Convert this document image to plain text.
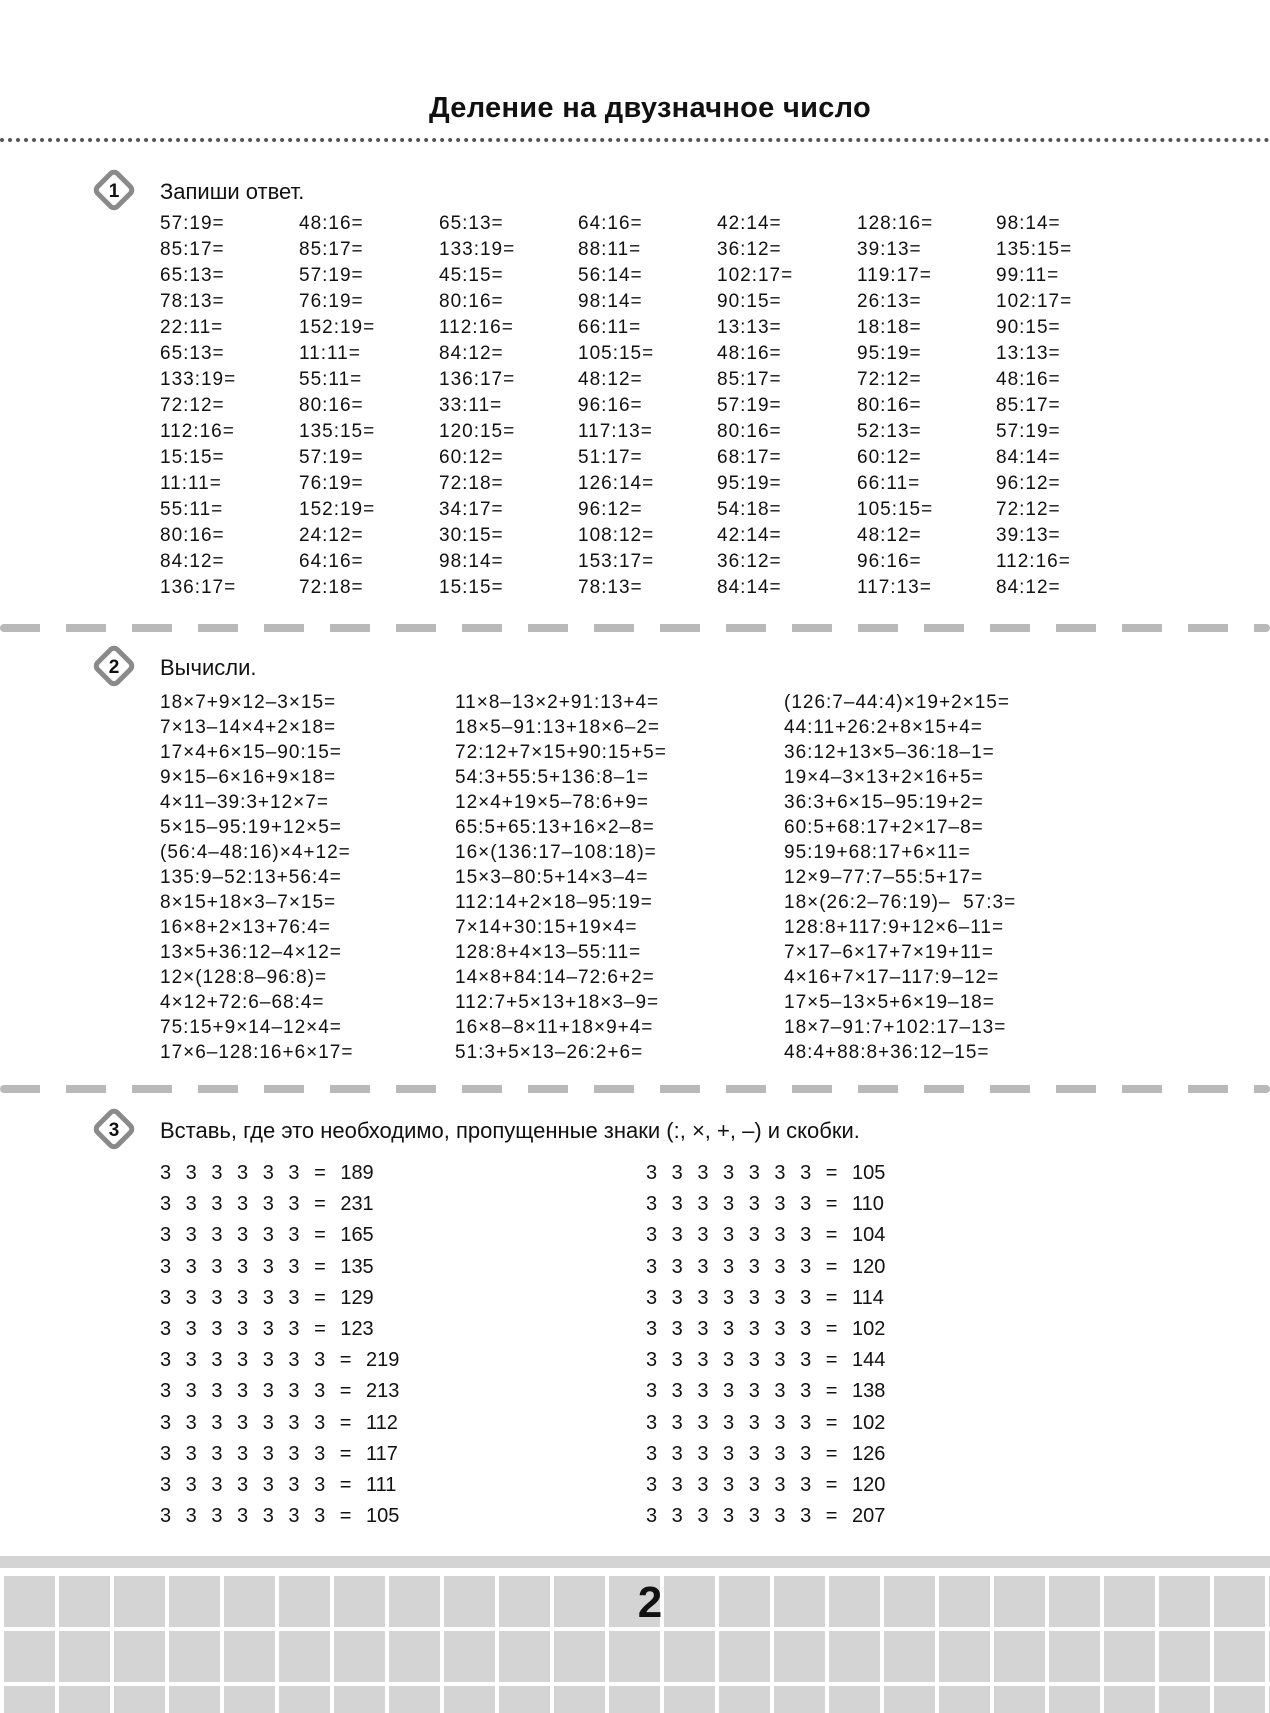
Деление на двузначное число
1 Запиши ответ.
57:19=
85:17=
65:13=
78:13=
22:11=
65:13=
133:19=
72:12=
112:16=
15:15=
11:11=
55:11=
80:16=
84:12=
136:17=
48:16=
85:17=
57:19=
76:19=
152:19=
11:11=
55:11=
80:16=
135:15=
57:19=
76:19=
152:19=
24:12=
64:16=
72:18=
65:13=
133:19=
45:15=
80:16=
112:16=
84:12=
136:17=
33:11=
120:15=
60:12=
72:18=
34:17=
30:15=
98:14=
15:15=
64:16=
88:11=
56:14=
98:14=
66:11=
105:15=
48:12=
96:16=
117:13=
51:17=
126:14=
96:12=
108:12=
153:17=
78:13=
42:14=
36:12=
102:17=
90:15=
13:13=
48:16=
85:17=
57:19=
80:16=
68:17=
95:19=
54:18=
42:14=
36:12=
84:14=
128:16=
39:13=
119:17=
26:13=
18:18=
95:19=
72:12=
80:16=
52:13=
60:12=
66:11=
105:15=
48:12=
96:16=
117:13=
98:14=
135:15=
99:11=
102:17=
90:15=
13:13=
48:16=
85:17=
57:19=
84:14=
96:12=
72:12=
39:13=
112:16=
84:12=
2 Вычисли.
18×7+9×12–3×15=
7×13–14×4+2×18=
17×4+6×15–90:15=
9×15–6×16+9×18=
4×11–39:3+12×7=
5×15–95:19+12×5=
(56:4–48:16)×4+12=
135:9–52:13+56:4=
8×15+18×3–7×15=
16×8+2×13+76:4=
13×5+36:12–4×12=
12×(128:8–96:8)=
4×12+72:6–68:4=
75:15+9×14–12×4=
17×6–128:16+6×17=
11×8–13×2+91:13+4=
18×5–91:13+18×6–2=
72:12+7×15+90:15+5=
54:3+55:5+136:8–1=
12×4+19×5–78:6+9=
65:5+65:13+16×2–8=
16×(136:17–108:18)=
15×3–80:5+14×3–4=
112:14+2×18–95:19=
7×14+30:15+19×4=
128:8+4×13–55:11=
14×8+84:14–72:6+2=
112:7+5×13+18×3–9=
16×8–8×11+18×9+4=
51:3+5×13–26:2+6=
(126:7–44:4)×19+2×15=
44:11+26:2+8×15+4=
36:12+13×5–36:18–1=
19×4–3×13+2×16+5=
36:3+6×15–95:19+2=
60:5+68:17+2×17–8=
95:19+68:17+6×11=
12×9–77:7–55:5+17=
18×(26:2–76:19)–  57:3=
128:8+117:9+12×6–11=
7×17–6×17+7×19+11=
4×16+7×17–117:9–12=
17×5–13×5+6×19–18=
18×7–91:7+102:17–13=
48:4+88:8+36:12–15=
3 Вставь, где это необходимо, пропущенные знаки (:, ×, +, –) и скобки.
3 3 3 3 3 3 = 189
3 3 3 3 3 3 = 231
3 3 3 3 3 3 = 165
3 3 3 3 3 3 = 135
3 3 3 3 3 3 = 129
3 3 3 3 3 3 = 123
3 3 3 3 3 3 3 = 219
3 3 3 3 3 3 3 = 213
3 3 3 3 3 3 3 = 112
3 3 3 3 3 3 3 = 117
3 3 3 3 3 3 3 = 111
3 3 3 3 3 3 3 = 105
3 3 3 3 3 3 3 = 105
3 3 3 3 3 3 3 = 110
3 3 3 3 3 3 3 = 104
3 3 3 3 3 3 3 = 120
3 3 3 3 3 3 3 = 114
3 3 3 3 3 3 3 = 102
3 3 3 3 3 3 3 = 144
3 3 3 3 3 3 3 = 138
3 3 3 3 3 3 3 = 102
3 3 3 3 3 3 3 = 126
3 3 3 3 3 3 3 = 120
3 3 3 3 3 3 3 = 207
2
